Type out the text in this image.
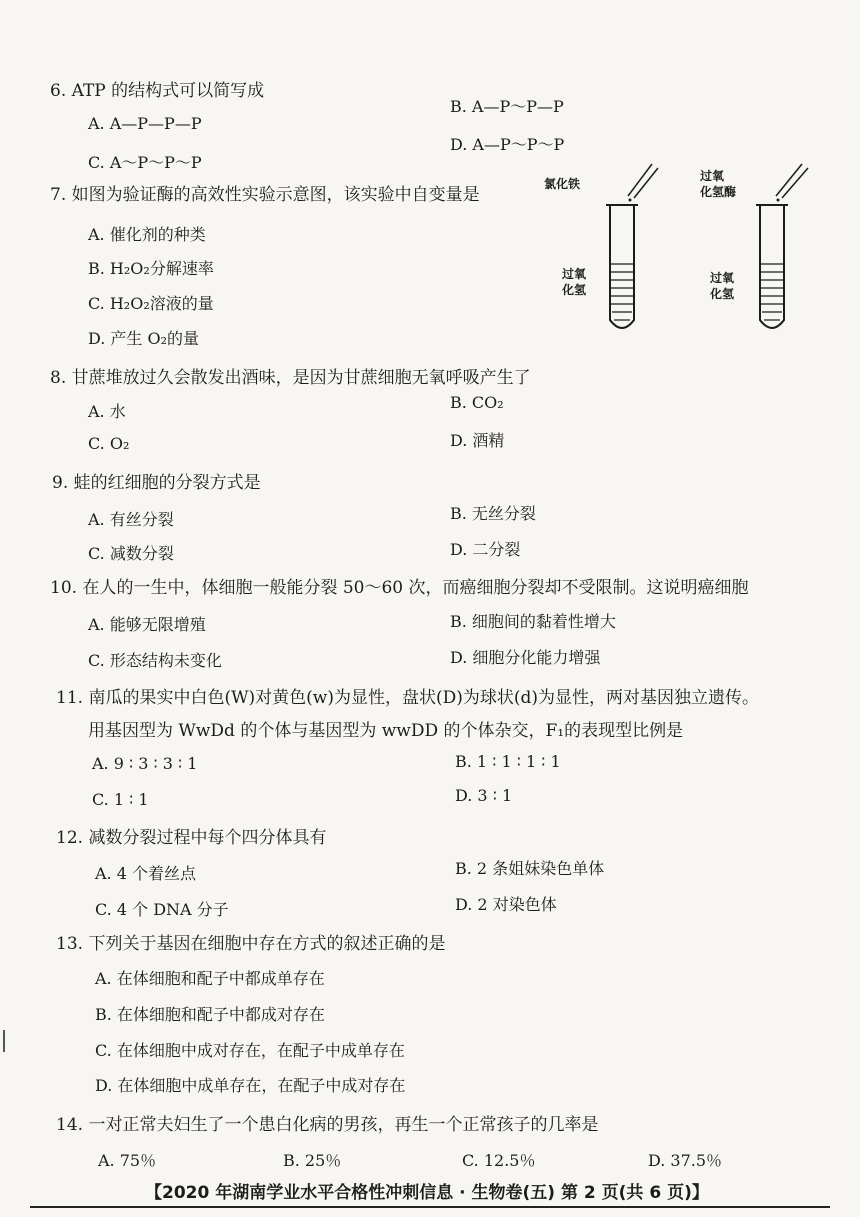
6. ATP 的结构式可以简写成
B. A—P～P—P
A. A—P—P—P
D. A—P～P～P
C. A～P～P～P
7. 如图为验证酶的高效性实验示意图，该实验中自变量是
A. 催化剂的种类
B. H₂O₂分解速率
C. H₂O₂溶液的量
D. 产生 O₂的量
氯化铁
过氧
化氢
过氧
化氢酶
过氧
化氢
8. 甘蔗堆放过久会散发出酒味，是因为甘蔗细胞无氧呼吸产生了
B. CO₂
A. 水
D. 酒精
C. O₂
9. 蛙的红细胞的分裂方式是
A. 有丝分裂	B. 无丝分裂
C. 减数分裂	D. 二分裂
10. 在人的一生中，体细胞一般能分裂 50～60 次，而癌细胞分裂却不受限制。这说明癌细胞
A. 能够无限增殖	B. 细胞间的黏着性增大
C. 形态结构未变化	D. 细胞分化能力增强
11. 南瓜的果实中白色(W)对黄色(w)为显性，盘状(D)为球状(d)为显性，两对基因独立遗传。
用基因型为 WwDd 的个体与基因型为 wwDD 的个体杂交，F₁的表现型比例是
A. 9 ∶ 3 ∶ 3 ∶ 1	B. 1 ∶ 1 ∶ 1 ∶ 1
C. 1 ∶ 1	D. 3 ∶ 1
12. 减数分裂过程中每个四分体具有
A. 4 个着丝点	B. 2 条姐妹染色单体
C. 4 个 DNA 分子	D. 2 对染色体
13. 下列关于基因在细胞中存在方式的叙述正确的是
A. 在体细胞和配子中都成单存在
B. 在体细胞和配子中都成对存在
C. 在体细胞中成对存在，在配子中成单存在
D. 在体细胞中成单存在，在配子中成对存在
14. 一对正常夫妇生了一个患白化病的男孩，再生一个正常孩子的几率是
A. 75％	B. 25％	C. 12.5％	D. 37.5％
【2020 年湖南学业水平合格性冲刺信息 · 生物卷(五) 第 2 页(共 6 页)】
